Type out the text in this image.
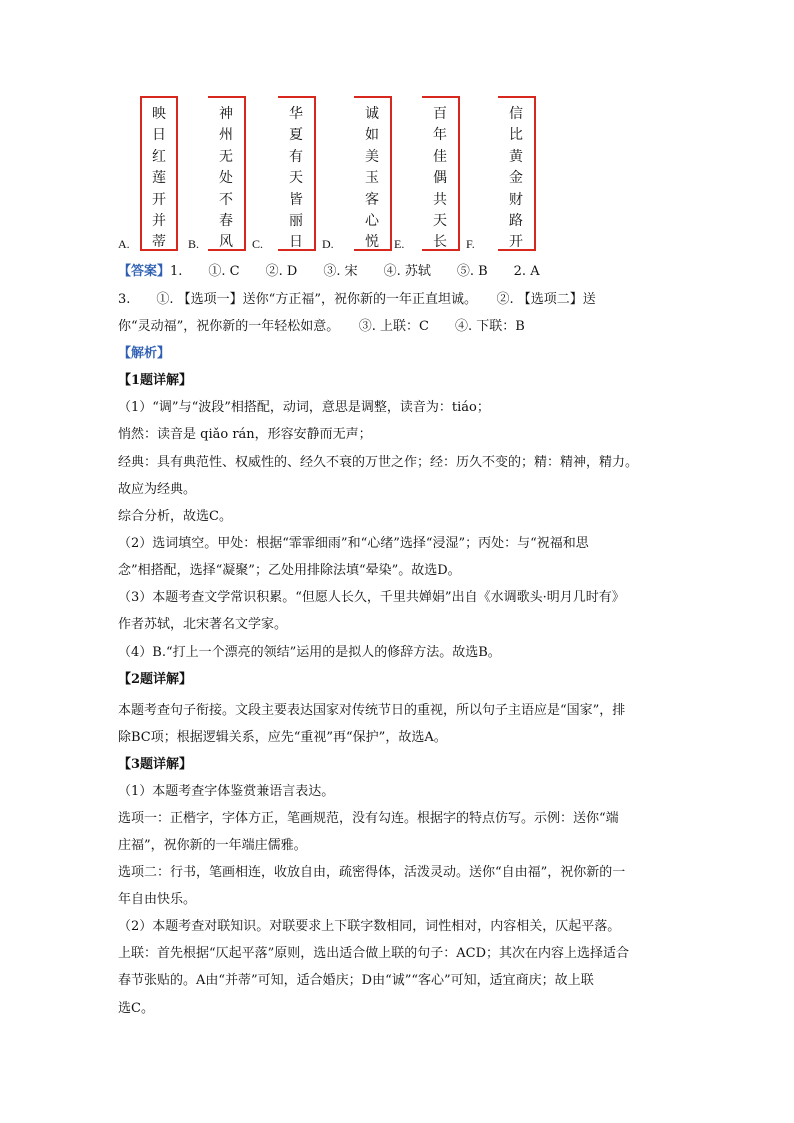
A.
映
日
红
莲
开
并
蒂	B.
神
州
无
处
不
春
风	C.
华
夏
有
天
皆
丽
日	D.
诚
如
美
玉
客
心
悦	E.
百
年
佳
偶
共
天
长	F.
信
比
黄
金
财
路
开
【答案】1.　　①. C　　②. D　　③. 宋　　④. 苏轼　　⑤. B　　2. A
3.　　①. 【选项一】送你“方正福”，祝你新的一年正直坦诚。　　②. 【选项二】送
你“灵动福”，祝你新的一年轻松如意。　　③. 上联：C　　④. 下联：B
【解析】
【1题详解】
（1）“调”与“波段”相搭配，动词，意思是调整，读音为：tiáo；
悄然：读音是 qiǎo rán，形容安静而无声；
经典：具有典范性、权威性的、经久不衰的万世之作；经：历久不变的；精：精神，精力。
故应为经典。
综合分析，故选C。
（2）选词填空。甲处：根据“霏霏细雨”和“心绪”选择“浸湿”；丙处：与“祝福和思
念”相搭配，选择“凝聚”；乙处用排除法填“晕染”。故选D。
（3）本题考查文学常识积累。“但愿人长久，千里共婵娟”出自《水调歌头·明月几时有》
作者苏轼，北宋著名文学家。
（4）B.“打上一个漂亮的领结”运用的是拟人的修辞方法。故选B。
【2题详解】
本题考查句子衔接。文段主要表达国家对传统节日的重视，所以句子主语应是“国家”，排
除BC项；根据逻辑关系，应先“重视”再“保护”，故选A。
【3题详解】
（1）本题考查字体鉴赏兼语言表达。
选项一：正楷字，字体方正，笔画规范，没有勾连。根据字的特点仿写。示例：送你“端
庄福”，祝你新的一年端庄儒雅。
选项二：行书，笔画相连，收放自由，疏密得体，活泼灵动。送你“自由福”，祝你新的一
年自由快乐。
（2）本题考查对联知识。对联要求上下联字数相同，词性相对，内容相关，仄起平落。
上联：首先根据“仄起平落”原则，选出适合做上联的句子：ACD；其次在内容上选择适合
春节张贴的。A由“并蒂”可知，适合婚庆；D由“诚”“客心”可知，适宜商庆；故上联
选C。
